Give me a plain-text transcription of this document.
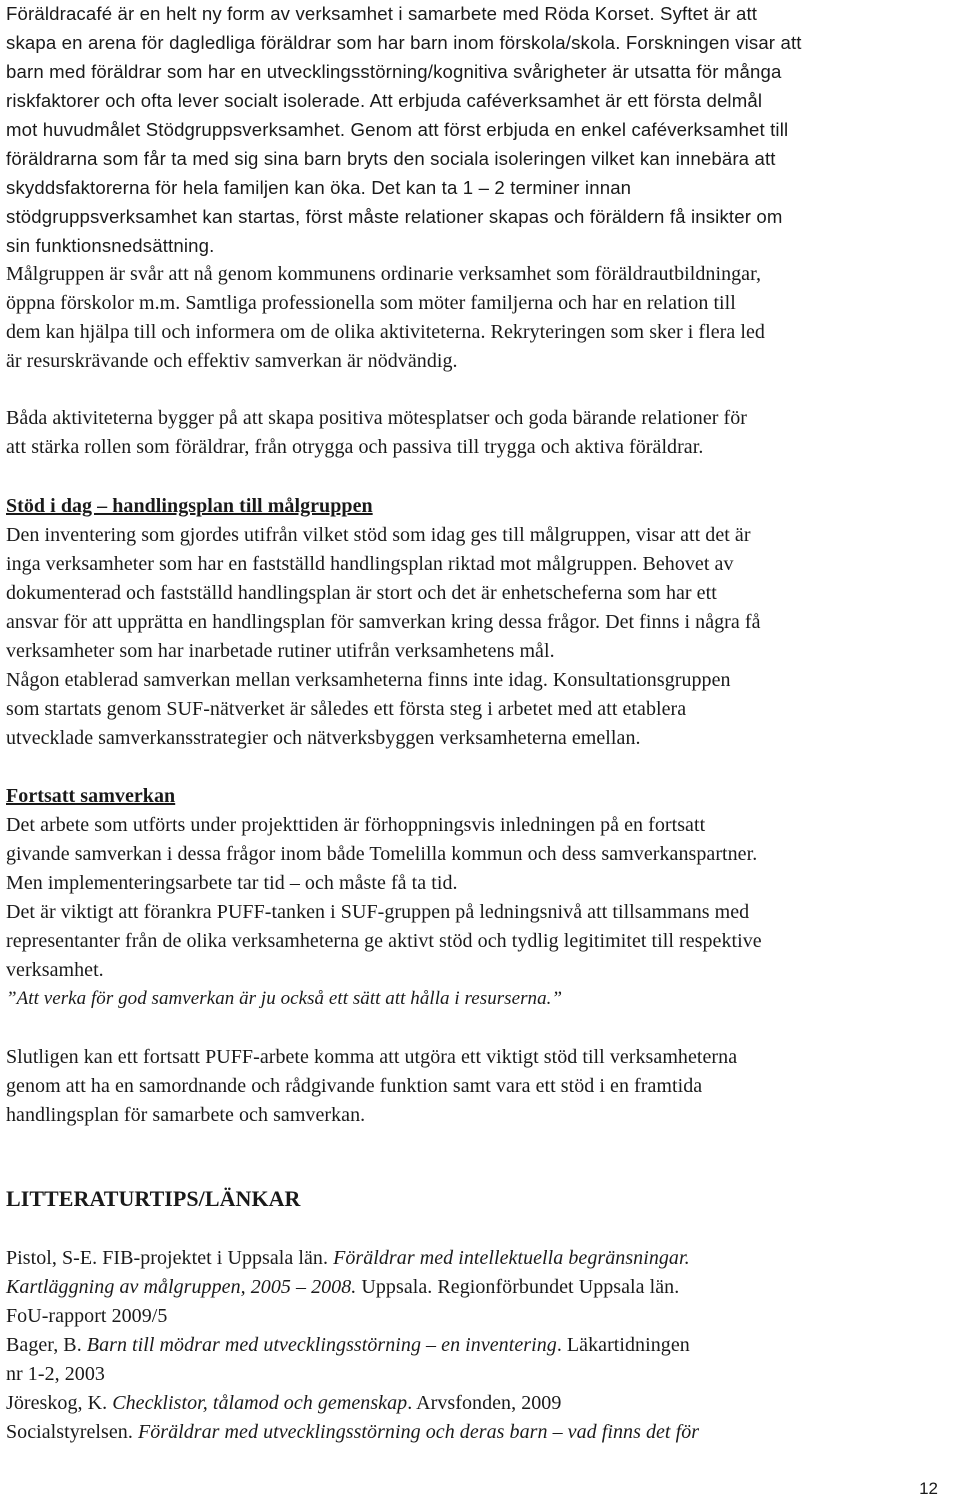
Föräldracafé är en helt ny form av verksamhet i samarbete med Röda Korset. Syftet är att
skapa en arena för dagledliga föräldrar som har barn inom förskola/skola. Forskningen visar att
barn med föräldrar som har en utvecklingsstörning/kognitiva svårigheter är utsatta för många
riskfaktorer och ofta lever socialt isolerade. Att erbjuda caféverksamhet är ett första delmål
mot huvudmålet Stödgruppsverksamhet. Genom att först erbjuda en enkel caféverksamhet till
föräldrarna som får ta med sig sina barn bryts den sociala isoleringen vilket kan innebära att
skyddsfaktorerna för hela familjen kan öka. Det kan ta 1 – 2 terminer innan
stödgruppsverksamhet kan startas, först måste relationer skapas och föräldern få insikter om
sin funktionsnedsättning.
Målgruppen är svår att nå genom kommunens ordinarie verksamhet som föräldrautbildningar,
öppna förskolor m.m. Samtliga professionella som möter familjerna och har en relation till
dem kan hjälpa till och informera om de olika aktiviteterna. Rekryteringen som sker i flera led
är resurskrävande och effektiv samverkan är nödvändig.
Båda aktiviteterna bygger på att skapa positiva mötesplatser och goda bärande relationer för
att stärka rollen som föräldrar, från otrygga och passiva till trygga och aktiva föräldrar.
Stöd i dag – handlingsplan till målgruppen
Den inventering som gjordes utifrån vilket stöd som idag ges till målgruppen, visar att det är
inga verksamheter som har en fastställd handlingsplan riktad mot målgruppen. Behovet av
dokumenterad och fastställd handlingsplan är stort och det är enhetscheferna som har ett
ansvar för att upprätta en handlingsplan för samverkan kring dessa frågor. Det finns i några få
verksamheter som har inarbetade rutiner utifrån verksamhetens mål.
Någon etablerad samverkan mellan verksamheterna finns inte idag. Konsultationsgruppen
som startats genom SUF-nätverket är således ett första steg i arbetet med att etablera
utvecklade samverkansstrategier och nätverksbyggen verksamheterna emellan.
Fortsatt samverkan
Det arbete som utförts under projekttiden är förhoppningsvis inledningen på en fortsatt
givande samverkan i dessa frågor inom både Tomelilla kommun och dess samverkanspartner.
Men implementeringsarbete tar tid – och måste få ta tid.
Det är viktigt att förankra PUFF-tanken i SUF-gruppen på ledningsnivå att tillsammans med
representanter från de olika verksamheterna ge aktivt stöd och tydlig legitimitet till respektive
verksamhet.
”Att verka för god samverkan är ju också ett sätt att hålla i resurserna.”
Slutligen kan ett fortsatt PUFF-arbete komma att utgöra ett viktigt stöd till verksamheterna
genom att ha en samordnande och rådgivande funktion samt vara ett stöd i en framtida
handlingsplan för samarbete och samverkan.
LITTERATURTIPS/LÄNKAR
Pistol, S-E. FIB-projektet i Uppsala län. Föräldrar med intellektuella begränsningar.
Kartläggning av målgruppen, 2005 – 2008. Uppsala. Regionförbundet Uppsala län.
FoU-rapport 2009/5
Bager, B. Barn till mödrar med utvecklingsstörning – en inventering. Läkartidningen
nr 1-2, 2003
Jöreskog, K. Checklistor, tålamod och gemenskap. Arvsfonden, 2009
Socialstyrelsen. Föräldrar med utvecklingsstörning och deras barn – vad finns det för
12
